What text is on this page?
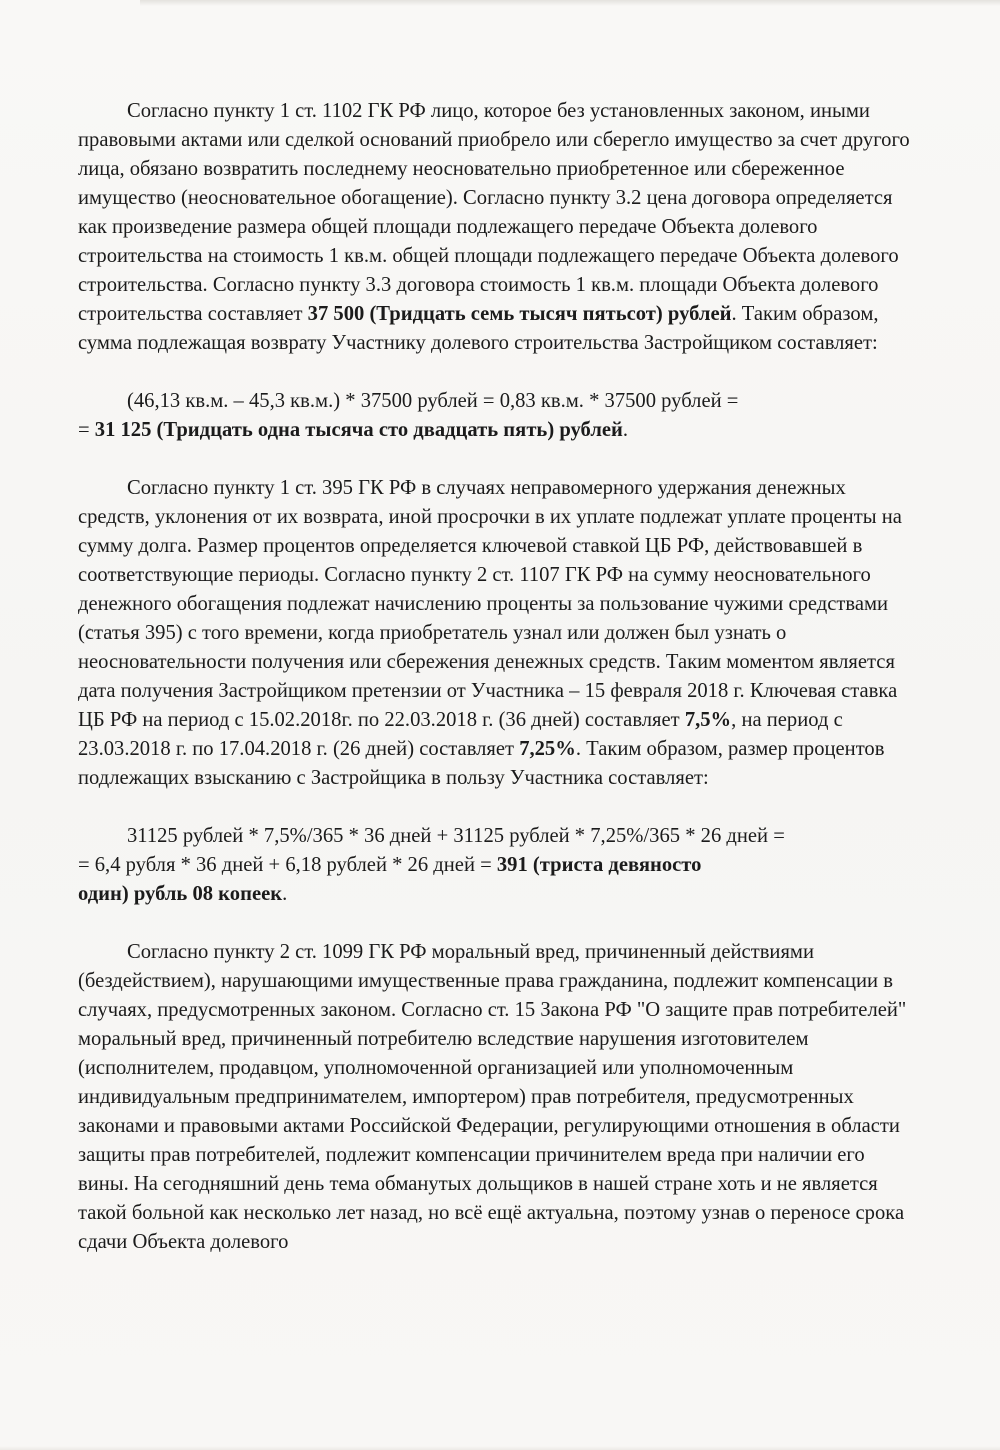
Согласно пункту 1 ст. 1102 ГК РФ лицо, которое без установленных законом, иными правовыми актами или сделкой оснований приобрело или сберегло имущество за счет другого лица, обязано возвратить последнему неосновательно приобретенное или сбереженное имущество (неосновательное обогащение). Согласно пункту 3.2 цена договора определяется как произведение размера общей площади подлежащего передаче Объекта долевого строительства на стоимость 1 кв.м. общей площади подлежащего передаче Объекта долевого строительства. Согласно пункту 3.3 договора стоимость 1 кв.м. площади Объекта долевого строительства составляет 37 500 (Тридцать семь тысяч пятьсот) рублей. Таким образом, сумма подлежащая возврату Участнику долевого строительства Застройщиком составляет:

(46,13 кв.м. – 45,3 кв.м.) * 37500 рублей = 0,83 кв.м. * 37500 рублей =
= 31 125 (Тридцать одна тысяча сто двадцать пять) рублей.

Согласно пункту 1 ст. 395 ГК РФ в случаях неправомерного удержания денежных средств, уклонения от их возврата, иной просрочки в их уплате подлежат уплате проценты на сумму долга. Размер процентов определяется ключевой ставкой ЦБ РФ, действовавшей в соответствующие периоды. Согласно пункту 2 ст. 1107 ГК РФ на сумму неосновательного денежного обогащения подлежат начислению проценты за пользование чужими средствами (статья 395) с того времени, когда приобретатель узнал или должен был узнать о неосновательности получения или сбережения денежных средств. Таким моментом является дата получения Застройщиком претензии от Участника – 15 февраля 2018 г. Ключевая ставка ЦБ РФ на период с 15.02.2018г. по 22.03.2018 г. (36 дней) составляет 7,5%, на период с 23.03.2018 г. по 17.04.2018 г. (26 дней) составляет 7,25%. Таким образом, размер процентов подлежащих взысканию с Застройщика в пользу Участника составляет:

31125 рублей * 7,5%/365 * 36 дней + 31125 рублей * 7,25%/365 * 26 дней =
= 6,4 рубля * 36 дней + 6,18 рублей * 26 дней = 391 (триста девяносто
один) рубль 08 копеек.

Согласно пункту 2 ст. 1099 ГК РФ моральный вред, причиненный действиями (бездействием), нарушающими имущественные права гражданина, подлежит компенсации в случаях, предусмотренных законом. Согласно ст. 15 Закона РФ "О защите прав потребителей" моральный вред, причиненный потребителю вследствие нарушения изготовителем (исполнителем, продавцом, уполномоченной организацией или уполномоченным индивидуальным предпринимателем, импортером) прав потребителя, предусмотренных законами и правовыми актами Российской Федерации, регулирующими отношения в области защиты прав потребителей, подлежит компенсации причинителем вреда при наличии его вины. На сегодняшний день тема обманутых дольщиков в нашей стране хоть и не является такой больной как несколько лет назад, но всё ещё актуальна, поэтому узнав о переносе срока сдачи Объекта долевого
